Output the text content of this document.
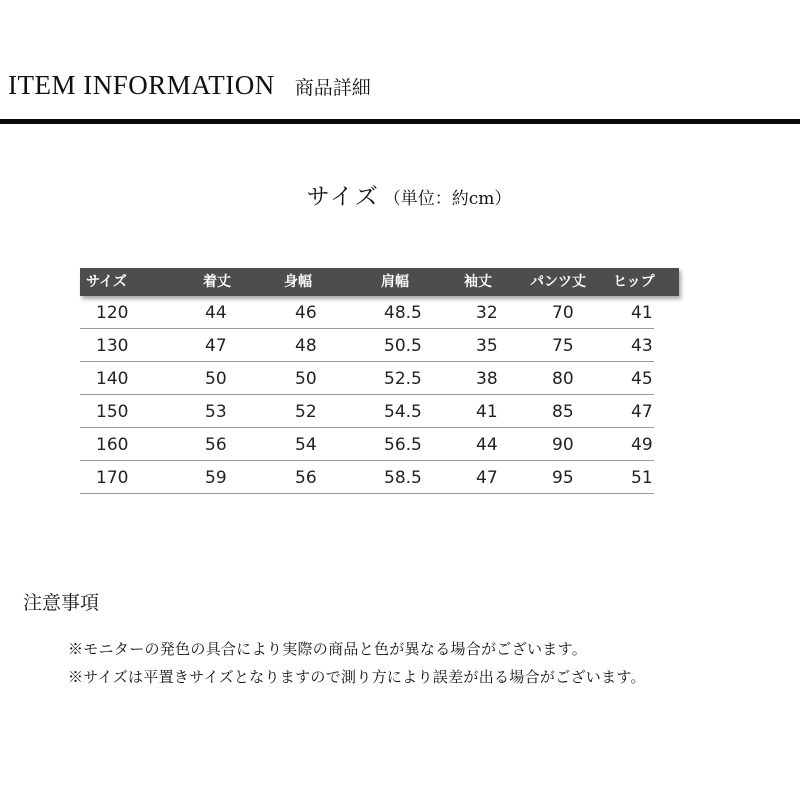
ITEM INFORMATION 商品詳細
サイズ （単位：約cm）
サイズ	着丈	身幅	肩幅	袖丈	パンツ丈 ヒップ
120	44	46	48.5	32	70	41
130	47	48	50.5	35	75	43
140	50	50	52.5	38	80	45
150	53	52	54.5	41	85	47
160	56	54	56.5	44	90	49
170	59	56	58.5	47	95	51
注意事項
※モニターの発色の具合により実際の商品と色が異なる場合がございます。
※サイズは平置きサイズとなりますので測り方により誤差が出る場合がございます。
